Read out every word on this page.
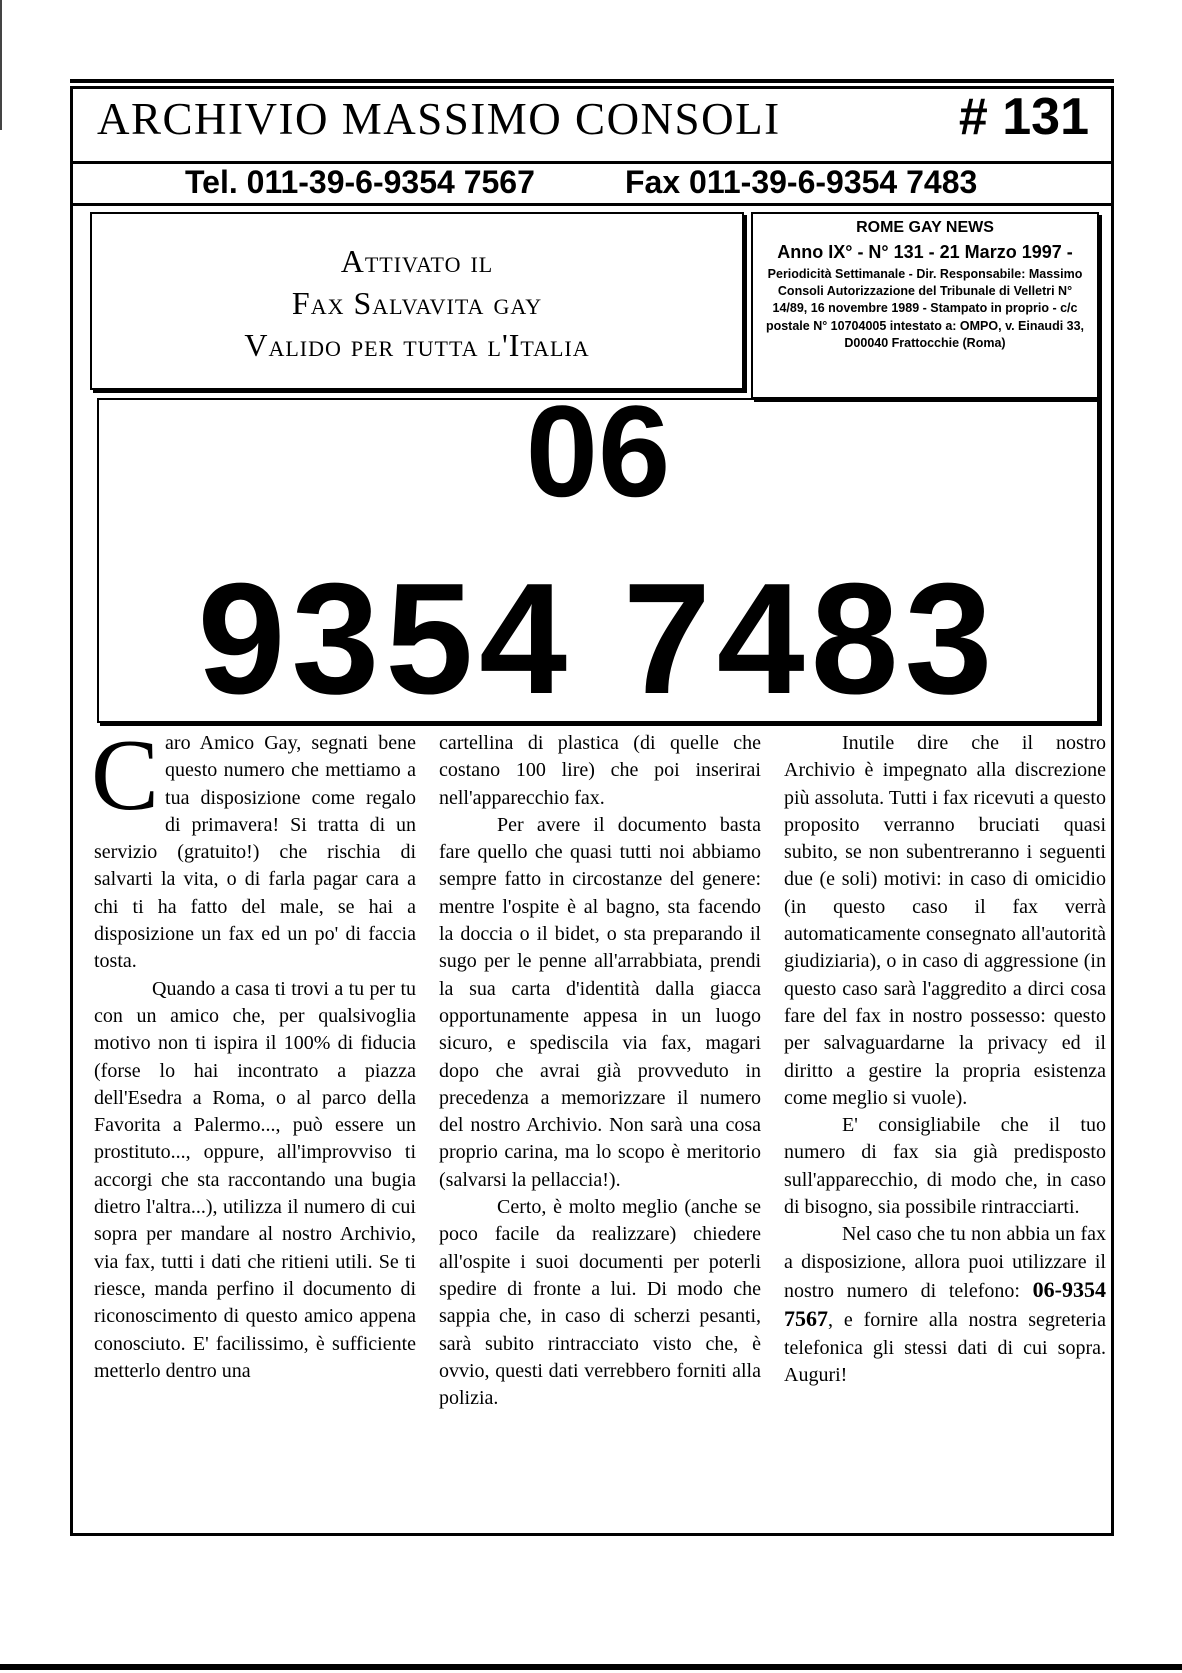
ARCHIVIO MASSIMO CONSOLI	# 131
Tel. 011-39-6-9354 7567	Fax 011-39-6-9354 7483
Attivato il
Fax Salvavita gay
Valido per tutta l'Italia
ROME GAY NEWS
Anno IX° - N° 131 - 21 Marzo 1997 -
Periodicità Settimanale - Dir. Responsabile: Massimo Consoli Autorizzazione del Tribunale di Velletri N° 14/89, 16 novembre 1989 - Stampato in proprio - c/c postale N° 10704005 intestato a: OMPO, v. Einaudi 33, D00040 Frattocchie (Roma)
06
9354 7483

Caro Amico Gay, segnati bene questo numero che mettiamo a tua disposizione come regalo di primavera! Si tratta di un servizio (gratuito!) che rischia di salvarti la vita, o di farla pagar cara a chi ti ha fatto del male, se hai a disposizione un fax ed un po' di faccia tosta.

Quando a casa ti trovi a tu per tu con un amico che, per qualsivoglia motivo non ti ispira il 100% di fiducia (forse lo hai incontrato a piazza dell'Esedra a Roma, o al parco della Favorita a Palermo..., può essere un prostituto..., oppure, all'improvviso ti accorgi che sta raccontando una bugia dietro l'altra...), utilizza il numero di cui sopra per mandare al nostro Archivio, via fax, tutti i dati che ritieni utili. Se ti riesce, manda perfino il documento di riconoscimento di questo amico appena conosciuto. E' facilissimo, è sufficiente metterlo dentro una

cartellina di plastica (di quelle che costano 100 lire) che poi inserirai nell'apparecchio fax.

Per avere il documento basta fare quello che quasi tutti noi abbiamo sempre fatto in circostanze del genere: mentre l'ospite è al bagno, sta facendo la doccia o il bidet, o sta preparando il sugo per le penne all'arrabbiata, prendi la sua carta d'identità dalla giacca opportunamente appesa in un luogo sicuro, e spediscila via fax, magari dopo che avrai già provveduto in precedenza a memorizzare il numero del nostro Archivio. Non sarà una cosa proprio carina, ma lo scopo è meritorio (salvarsi la pellaccia!).

Certo, è molto meglio (anche se poco facile da realizzare) chiedere all'ospite i suoi documenti per poterli spedire di fronte a lui. Di modo che sappia che, in caso di scherzi pesanti, sarà subito rintracciato visto che, è ovvio, questi dati verrebbero forniti alla polizia.

Inutile dire che il nostro Archivio è impegnato alla discrezione più assoluta. Tutti i fax ricevuti a questo proposito verranno bruciati quasi subito, se non subentreranno i seguenti due (e soli) motivi: in caso di omicidio (in questo caso il fax verrà automaticamente consegnato all'autorità giudiziaria), o in caso di aggressione (in questo caso sarà l'aggredito a dirci cosa fare del fax in nostro possesso: questo per salvaguardarne la privacy ed il diritto a gestire la propria esistenza come meglio si vuole).

E' consigliabile che il tuo numero di fax sia già predisposto sull'apparecchio, di modo che, in caso di bisogno, sia possibile rintracciarti.

Nel caso che tu non abbia un fax a disposizione, allora puoi utilizzare il nostro numero di telefono: 06-9354 7567, e fornire alla nostra segreteria telefonica gli stessi dati di cui sopra. Auguri!
